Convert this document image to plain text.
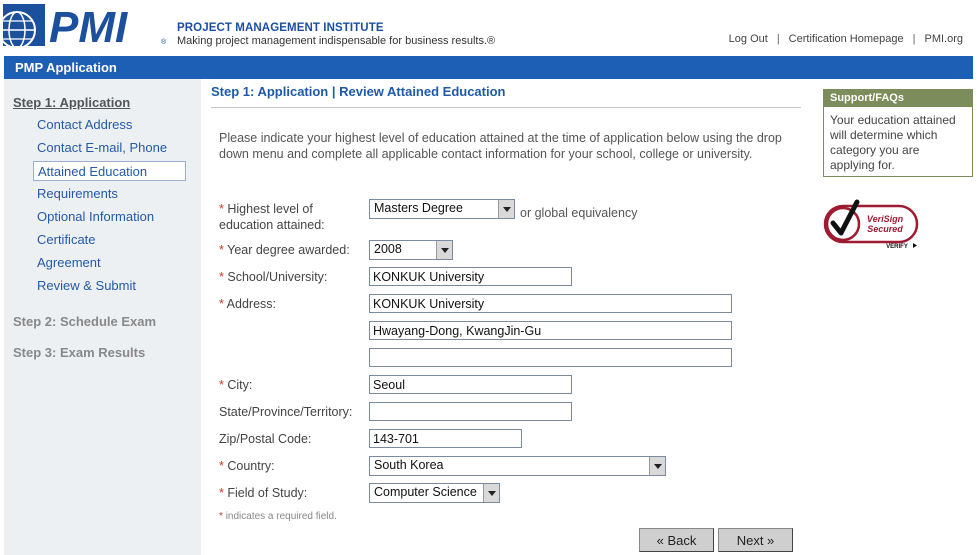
PMI	®
PROJECT MANAGEMENT INSTITUTE
Making project management indispensable for business results.®	Log Out | Certification Homepage | PMI.org
PMP Application
Step 1: Application
Contact Address
Contact E-mail, Phone
Attained Education
Requirements
Optional Information
Certificate
Agreement
Review & Submit
Step 2: Schedule Exam
Step 3: Exam Results
Step 1: Application | Review Attained Education
Please indicate your highest level of education attained at the time of application below using the drop down menu and complete all applicable contact information for your school, college or university.
* Highest level of
education attained:
Masters Degree	or global equivalency
* Year degree awarded:	2008
* School/University:
KONKUK University
* Address:
KONKUK University
Hwayang-Dong, KwangJin-Gu
* City:
Seoul
State/Province/Territory:
Zip/Postal Code:
143-701
* Country:	South Korea
* Field of Study:	Computer Science
* indicates a required field.
« Back	Next »
Support/FAQs
Your education attained will determine which category you are applying for.
VeriSign
Secured
VERIFY
